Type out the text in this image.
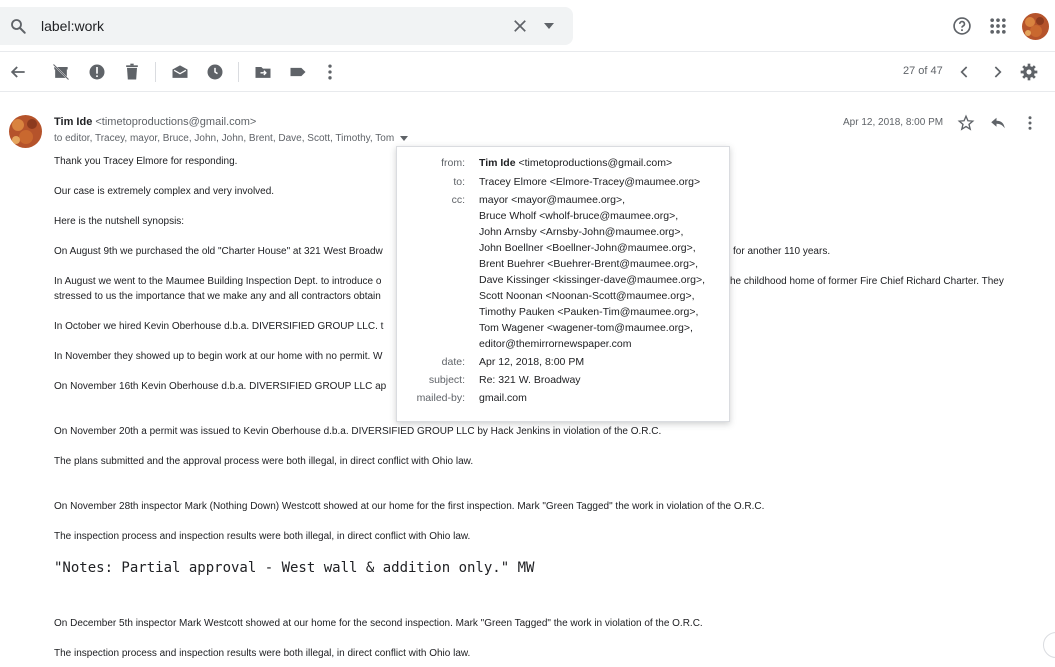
label:work
27 of 47
Tim Ide <timetoproductions@gmail.com>
to editor, Tracey, mayor, Bruce, John, John, Brent, Dave, Scott, Timothy, Tom
Apr 12, 2018, 8:00 PM
Thank you Tracey Elmore for responding.
Our case is extremely complex and very involved.
Here is the nutshell synopsis:
On August 9th we purchased the old "Charter House" at 321 West Broadw	for another 110 years.
In August we went to the Maumee Building Inspection Dept. to introduce o	he childhood home of former Fire Chief Richard Charter. They
stressed to us the importance that we make any and all contractors obtain
In October we hired Kevin Oberhouse d.b.a. DIVERSIFIED GROUP LLC. t
In November they showed up to begin work at our home with no permit. W
On November 16th Kevin Oberhouse d.b.a. DIVERSIFIED GROUP LLC ap
On November 20th a permit was issued to Kevin Oberhouse d.b.a. DIVERSIFIED GROUP LLC by Hack Jenkins in violation of the O.R.C.
The plans submitted and the approval process were both illegal, in direct conflict with Ohio law.
On November 28th inspector Mark (Nothing Down) Westcott showed at our home for the first inspection. Mark "Green Tagged" the work in violation of the O.R.C.
The inspection process and inspection results were both illegal, in direct conflict with Ohio law.
"Notes: Partial approval - West wall & addition only." MW
On December 5th inspector Mark Westcott showed at our home for the second inspection. Mark "Green Tagged" the work in violation of the O.R.C.
The inspection process and inspection results were both illegal, in direct conflict with Ohio law.
from: Tim Ide <timetoproductions@gmail.com>
to: Tracey Elmore <Elmore-Tracey@maumee.org>
cc: mayor <mayor@maumee.org>,
Bruce Wholf <wholf-bruce@maumee.org>,
John Arnsby <Arnsby-John@maumee.org>,
John Boellner <Boellner-John@maumee.org>,
Brent Buehrer <Buehrer-Brent@maumee.org>,
Dave Kissinger <kissinger-dave@maumee.org>,
Scott Noonan <Noonan-Scott@maumee.org>,
Timothy Pauken <Pauken-Tim@maumee.org>,
Tom Wagener <wagener-tom@maumee.org>,
editor@themirrornewspaper.com
date: Apr 12, 2018, 8:00 PM
subject: Re: 321 W. Broadway
mailed-by: gmail.com
